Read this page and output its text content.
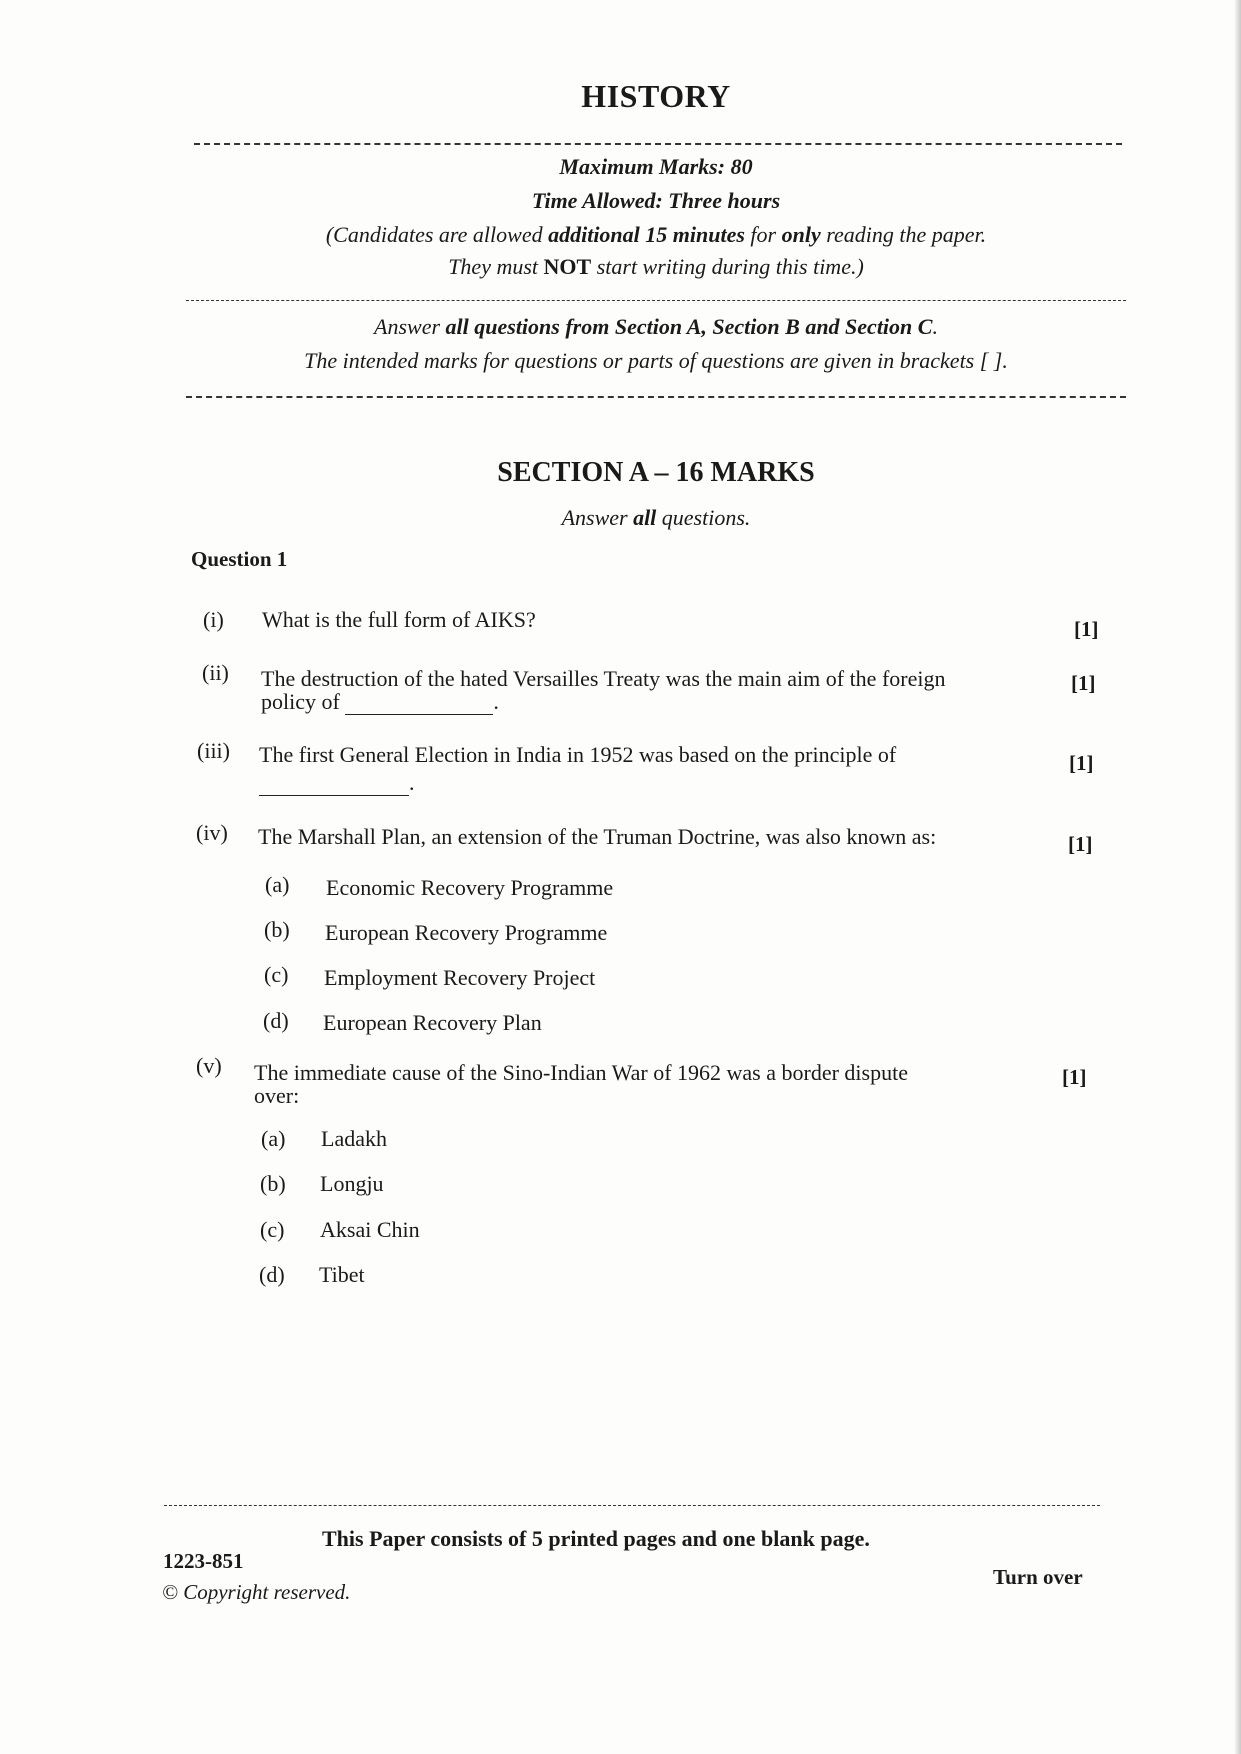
HISTORY
Maximum Marks: 80
Time Allowed: Three hours
(Candidates are allowed additional 15 minutes for only reading the paper.
They must NOT start writing during this time.)
Answer all questions from Section A, Section B and Section C.
The intended marks for questions or parts of questions are given in brackets [ ].
SECTION A – 16 MARKS
Answer all questions.
Question 1
(i) What is the full form of AIKS?	[1]
(ii) The destruction of the hated Versailles Treaty was the main aim of the foreign
policy of	.
[1]
(iii) The first General Election in India in 1952 was based on the principle of
.
[1]
(iv) The Marshall Plan, an extension of the Truman Doctrine, was also known as:	[1]
(a) Economic Recovery Programme
(b) European Recovery Programme
(c) Employment Recovery Project
(d) European Recovery Plan
(v) The immediate cause of the Sino-Indian War of 1962 was a border dispute
over:
[1]
(a) Ladakh
(b) Longju
(c) Aksai Chin
(d) Tibet
This Paper consists of 5 printed pages and one blank page.
1223-851
© Copyright reserved.
Turn over
